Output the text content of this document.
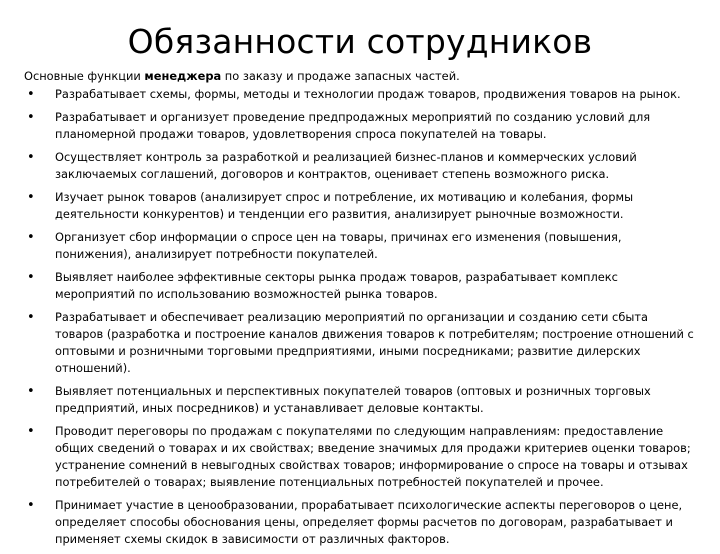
Обязанности сотрудников

Основные функции менеджера по заказу и продаже запасных частей.

• Разрабатывает схемы, формы, методы и технологии продаж товаров, продвижения товаров на рынок.
• Разрабатывает и организует проведение предпродажных мероприятий по созданию условий для планомерной продажи товаров, удовлетворения спроса покупателей на товары.
• Осуществляет контроль за разработкой и реализацией бизнес-планов и коммерческих условий заключаемых соглашений, договоров и контрактов, оценивает степень возможного риска.
• Изучает рынок товаров (анализирует спрос и потребление, их мотивацию и колебания, формы деятельности конкурентов) и тенденции его развития, анализирует рыночные возможности.
• Организует сбор информации о спросе цен на товары, причинах его изменения (повышения, понижения), анализирует потребности покупателей.
• Выявляет наиболее эффективные секторы рынка продаж товаров, разрабатывает комплекс мероприятий по использованию возможностей рынка товаров.
• Разрабатывает и обеспечивает реализацию мероприятий по организации и созданию сети сбыта товаров (разработка и построение каналов движения товаров к потребителям; построение отношений с оптовыми и розничными торговыми предприятиями, иными посредниками; развитие дилерских отношений).
• Выявляет потенциальных и перспективных покупателей товаров (оптовых и розничных торговых предприятий, иных посредников) и устанавливает деловые контакты.
• Проводит переговоры по продажам с покупателями по следующим направлениям: предоставление общих сведений о товарах и их свойствах; введение значимых для продажи критериев оценки товаров; устранение сомнений в невыгодных свойствах товаров; информирование о спросе на товары и отзывах потребителей о товарах; выявление потенциальных потребностей покупателей и прочее.
• Принимает участие в ценообразовании, прорабатывает психологические аспекты переговоров о цене, определяет способы обоснования цены, определяет формы расчетов по договорам, разрабатывает и применяет схемы скидок в зависимости от различных факторов.
